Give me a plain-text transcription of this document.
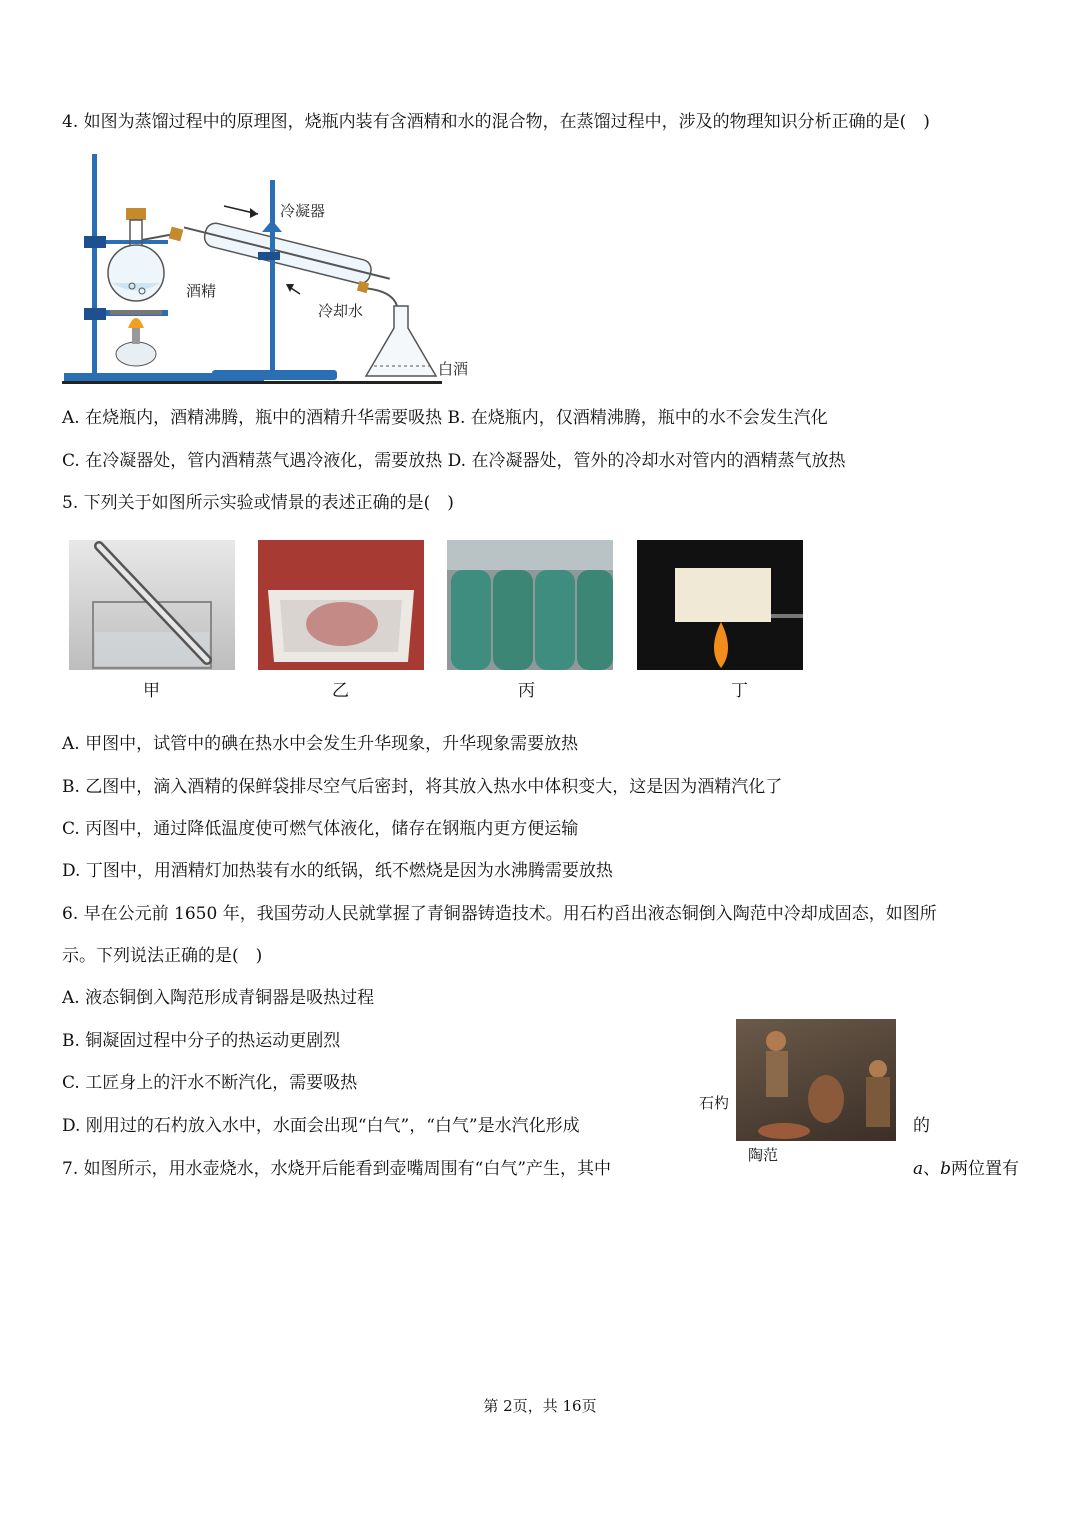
4. 如图为蒸馏过程中的原理图，烧瓶内装有含酒精和水的混合物，在蒸馏过程中，涉及的物理知识分析正确的是(　)
冷凝器
酒精
冷却水
白酒
A. 在烧瓶内，酒精沸腾，瓶中的酒精升华需要吸热 B. 在烧瓶内，仅酒精沸腾，瓶中的水不会发生汽化
C. 在冷凝器处，管内酒精蒸气遇冷液化，需要放热 D. 在冷凝器处，管外的冷却水对管内的酒精蒸气放热
5. 下列关于如图所示实验或情景的表述正确的是(　)
甲	乙	丙	丁
A. 甲图中，试管中的碘在热水中会发生升华现象，升华现象需要放热
B. 乙图中，滴入酒精的保鲜袋排尽空气后密封，将其放入热水中体积变大，这是因为酒精汽化了
C. 丙图中，通过降低温度使可燃气体液化，储存在钢瓶内更方便运输
D. 丁图中，用酒精灯加热装有水的纸锅，纸不燃烧是因为水沸腾需要放热
6. 早在公元前 1650 年，我国劳动人民就掌握了青铜器铸造技术。用石杓舀出液态铜倒入陶范中冷却成固态，如图所
示。下列说法正确的是(　)
A. 液态铜倒入陶范形成青铜器是吸热过程
B. 铜凝固过程中分子的热运动更剧烈
C. 工匠身上的汗水不断汽化，需要吸热
D. 刚用过的石杓放入水中，水面会出现“白气”，“白气”是水汽化形成	的
石杓
陶范
7. 如图所示，用水壶烧水，水烧开后能看到壶嘴周围有“白气”产生，其中	a、b两位置有
第 2页，共 16页
